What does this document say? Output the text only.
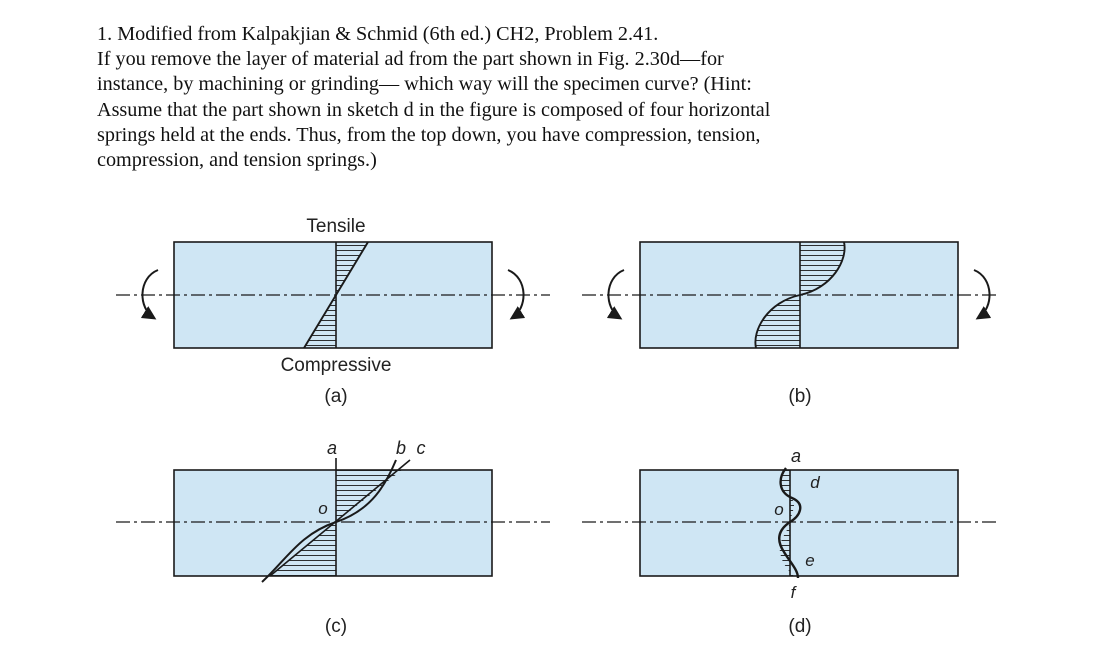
1. Modified from Kalpakjian & Schmid (6th ed.) CH2, Problem 2.41.

If you remove the layer of material ad from the part shown in Fig. 2.30d—for

instance, by machining or grinding— which way will the specimen curve? (Hint:

Assume that the part shown in sketch d in the figure is composed of four horizontal

springs held at the ends. Thus, from the top down, you have compression, tension,

compression, and tension springs.)

Tensile
Compressive
(a)	(b)
a	b c
o
(c)
a
d
o
e
f
(d)
